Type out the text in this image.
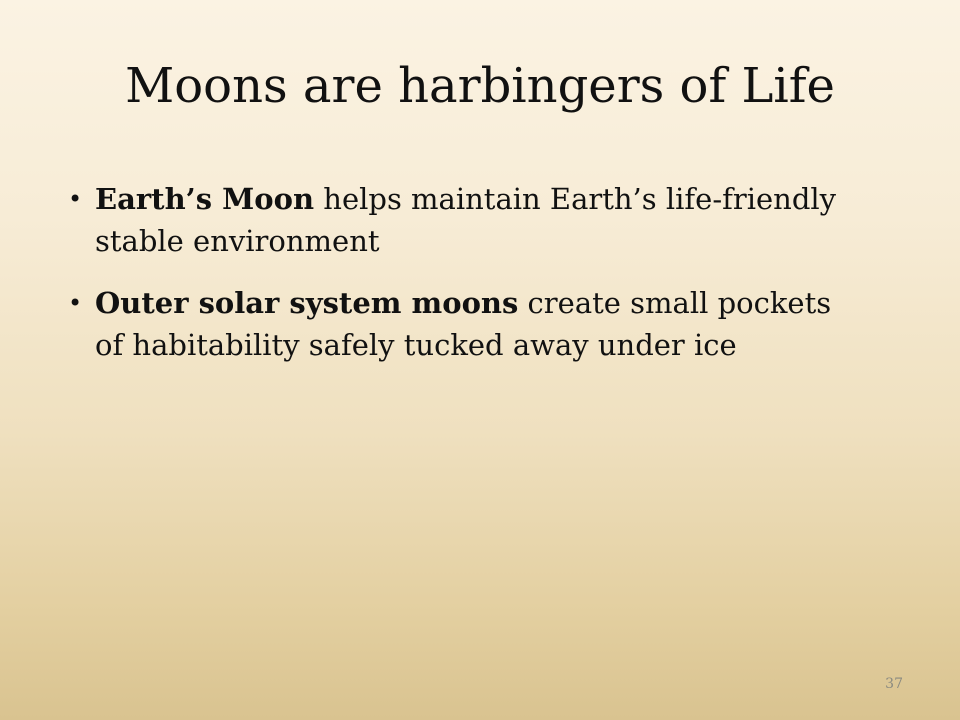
Moons are harbingers of Life
• Earth’s Moon helps maintain Earth’s life-friendly stable environment
• Outer solar system moons create small pockets of habitability safely tucked away under ice
37
